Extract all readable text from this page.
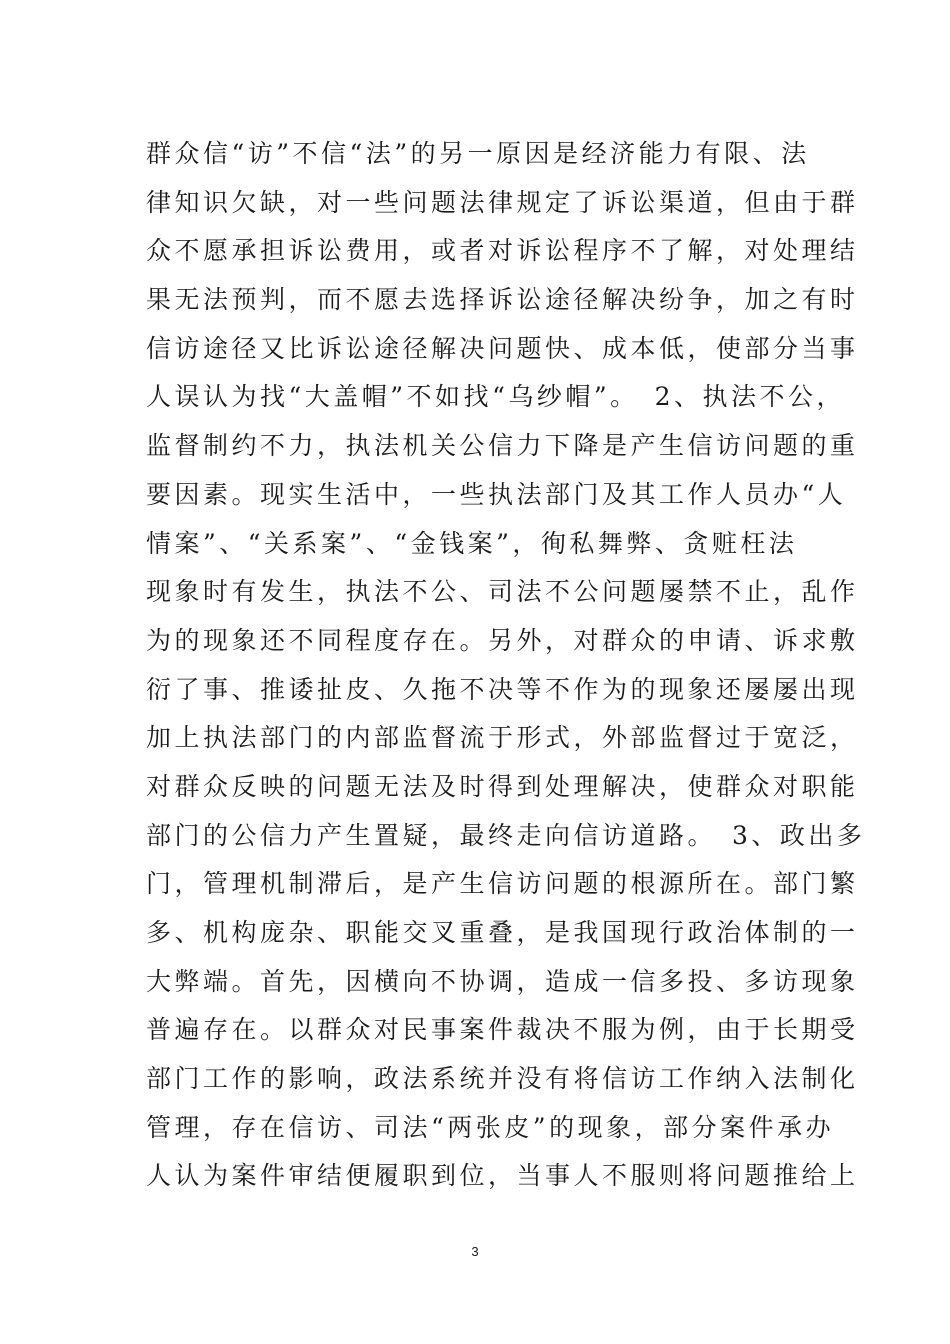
群众信“访”不信“法”的另一原因是经济能力有限、法
律知识欠缺，对一些问题法律规定了诉讼渠道，但由于群
众不愿承担诉讼费用，或者对诉讼程序不了解，对处理结
果无法预判，而不愿去选择诉讼途径解决纷争，加之有时
信访途径又比诉讼途径解决问题快、成本低，使部分当事
人误认为找“大盖帽”不如找“乌纱帽”。　2、执法不公，
监督制约不力，执法机关公信力下降是产生信访问题的重
要因素。现实生活中，一些执法部门及其工作人员办“人
情案”、“关系案”、“金钱案”，徇私舞弊、贪赃枉法
现象时有发生，执法不公、司法不公问题屡禁不止，乱作
为的现象还不同程度存在。另外，对群众的申请、诉求敷
衍了事、推诿扯皮、久拖不决等不作为的现象还屡屡出现
加上执法部门的内部监督流于形式，外部监督过于宽泛，
对群众反映的问题无法及时得到处理解决，使群众对职能
部门的公信力产生置疑，最终走向信访道路。　3、政出多
门，管理机制滞后，是产生信访问题的根源所在。部门繁
多、机构庞杂、职能交叉重叠，是我国现行政治体制的一
大弊端。首先，因横向不协调，造成一信多投、多访现象
普遍存在。以群众对民事案件裁决不服为例，由于长期受
部门工作的影响，政法系统并没有将信访工作纳入法制化
管理，存在信访、司法“两张皮”的现象，部分案件承办
人认为案件审结便履职到位，当事人不服则将问题推给上
3
